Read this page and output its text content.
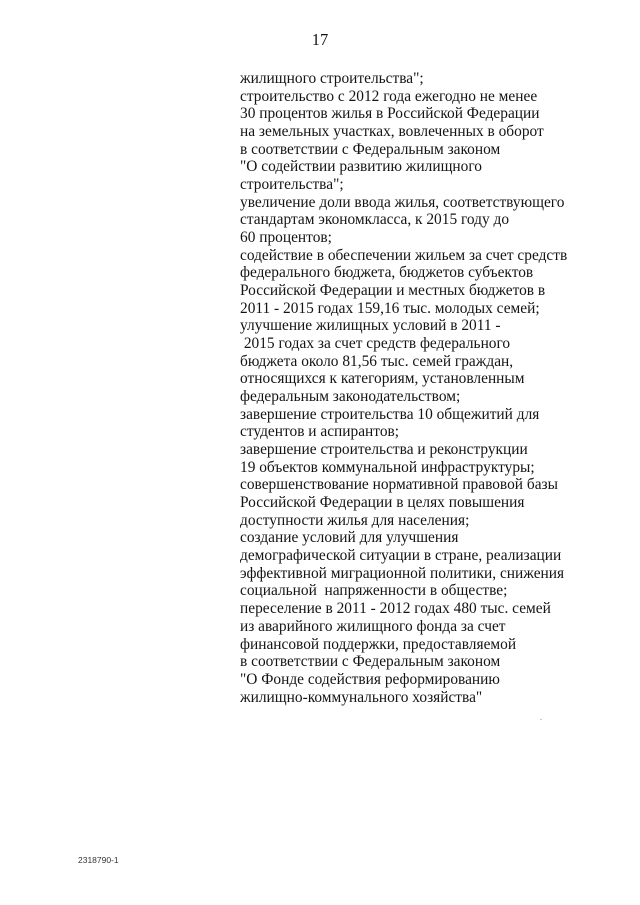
17
жилищного строительства";
строительство с 2012 года ежегодно не менее
30 процентов жилья в Российской Федерации
на земельных участках, вовлеченных в оборот
в соответствии с Федеральным законом
"О содействии развитию жилищного
строительства";
увеличение доли ввода жилья, соответствующего
стандартам экономкласса, к 2015 году до
60 процентов;
содействие в обеспечении жильем за счет средств
федерального бюджета, бюджетов субъектов
Российской Федерации и местных бюджетов в
2011 - 2015 годах 159,16 тыс. молодых семей;
улучшение жилищных условий в 2011 -
2015 годах за счет средств федерального
бюджета около 81,56 тыс. семей граждан,
относящихся к категориям, установленным
федеральным законодательством;
завершение строительства 10 общежитий для
студентов и аспирантов;
завершение строительства и реконструкции
19 объектов коммунальной инфраструктуры;
совершенствование нормативной правовой базы
Российской Федерации в целях повышения
доступности жилья для населения;
создание условий для улучшения
демографической ситуации в стране, реализации
эффективной миграционной политики, снижения
социальной  напряженности в обществе;
переселение в 2011 - 2012 годах 480 тыс. семей
из аварийного жилищного фонда за счет
финансовой поддержки, предоставляемой
в соответствии с Федеральным законом
"О Фонде содействия реформированию
жилищно-коммунального хозяйства"
2318790-1
